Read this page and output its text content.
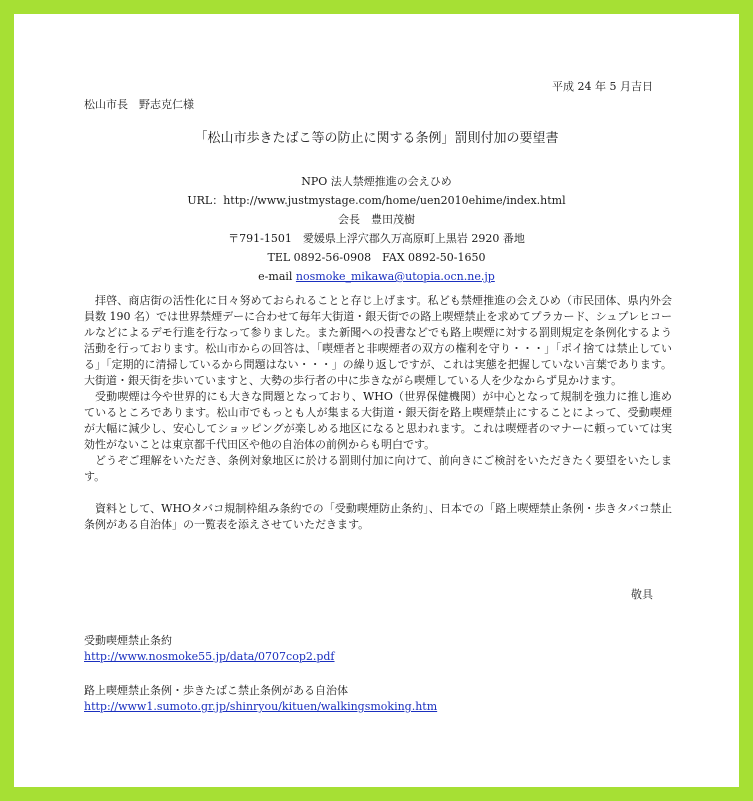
平成 24 年 5 月吉日
松山市長　野志克仁様
「松山市歩きたばこ等の防止に関する条例」罰則付加の要望書
NPO 法人禁煙推進の会えひめ
URL：http://www.justmystage.com/home/uen2010ehime/index.html
会長　豊田茂樹
〒791-1501　愛媛県上浮穴郡久万高原町上黒岩 2920 番地
TEL 0892-56-0908　FAX 0892-50-1650
e-mail nosmoke_mikawa@utopia.ocn.ne.jp

拝啓、商店街の活性化に日々努めておられることと存じ上げます。私ども禁煙推進の会えひめ（市民団体、県内外会員数 190 名）では世界禁煙デーに合わせて毎年大街道・銀天街での路上喫煙禁止を求めてプラカード、シュプレヒコールなどによるデモ行進を行なって参りました。また新聞への投書などでも路上喫煙に対する罰則規定を条例化するよう活動を行っております。松山市からの回答は、「喫煙者と非喫煙者の双方の権利を守り・・・」「ポイ捨ては禁止している」「定期的に清掃しているから問題はない・・・」の繰り返しですが、これは実態を把握していない言葉であります。大街道・銀天街を歩いていますと、大勢の歩行者の中に歩きながら喫煙している人を少なからず見かけます。

受動喫煙は今や世界的にも大きな問題となっており、WHO（世界保健機関）が中心となって規制を強力に推し進めているところであります。松山市でもっとも人が集まる大街道・銀天街を路上喫煙禁止にすることによって、受動喫煙が大幅に減少し、安心してショッピングが楽しめる地区になると思われます。これは喫煙者のマナーに頼っていては実効性がないことは東京都千代田区や他の自治体の前例からも明白です。

どうぞご理解をいただき、条例対象地区に於ける罰則付加に向けて、前向きにご検討をいただきたく要望をいたします。

資料として、WHOタバコ規制枠組み条約での「受動喫煙防止条約」、日本での「路上喫煙禁止条例・歩きタバコ禁止条例がある自治体」の一覧表を添えさせていただきます。

敬具
受動喫煙禁止条約
http://www.nosmoke55.jp/data/0707cop2.pdf
路上喫煙禁止条例・歩きたばこ禁止条例がある自治体
http://www1.sumoto.gr.jp/shinryou/kituen/walkingsmoking.htm
